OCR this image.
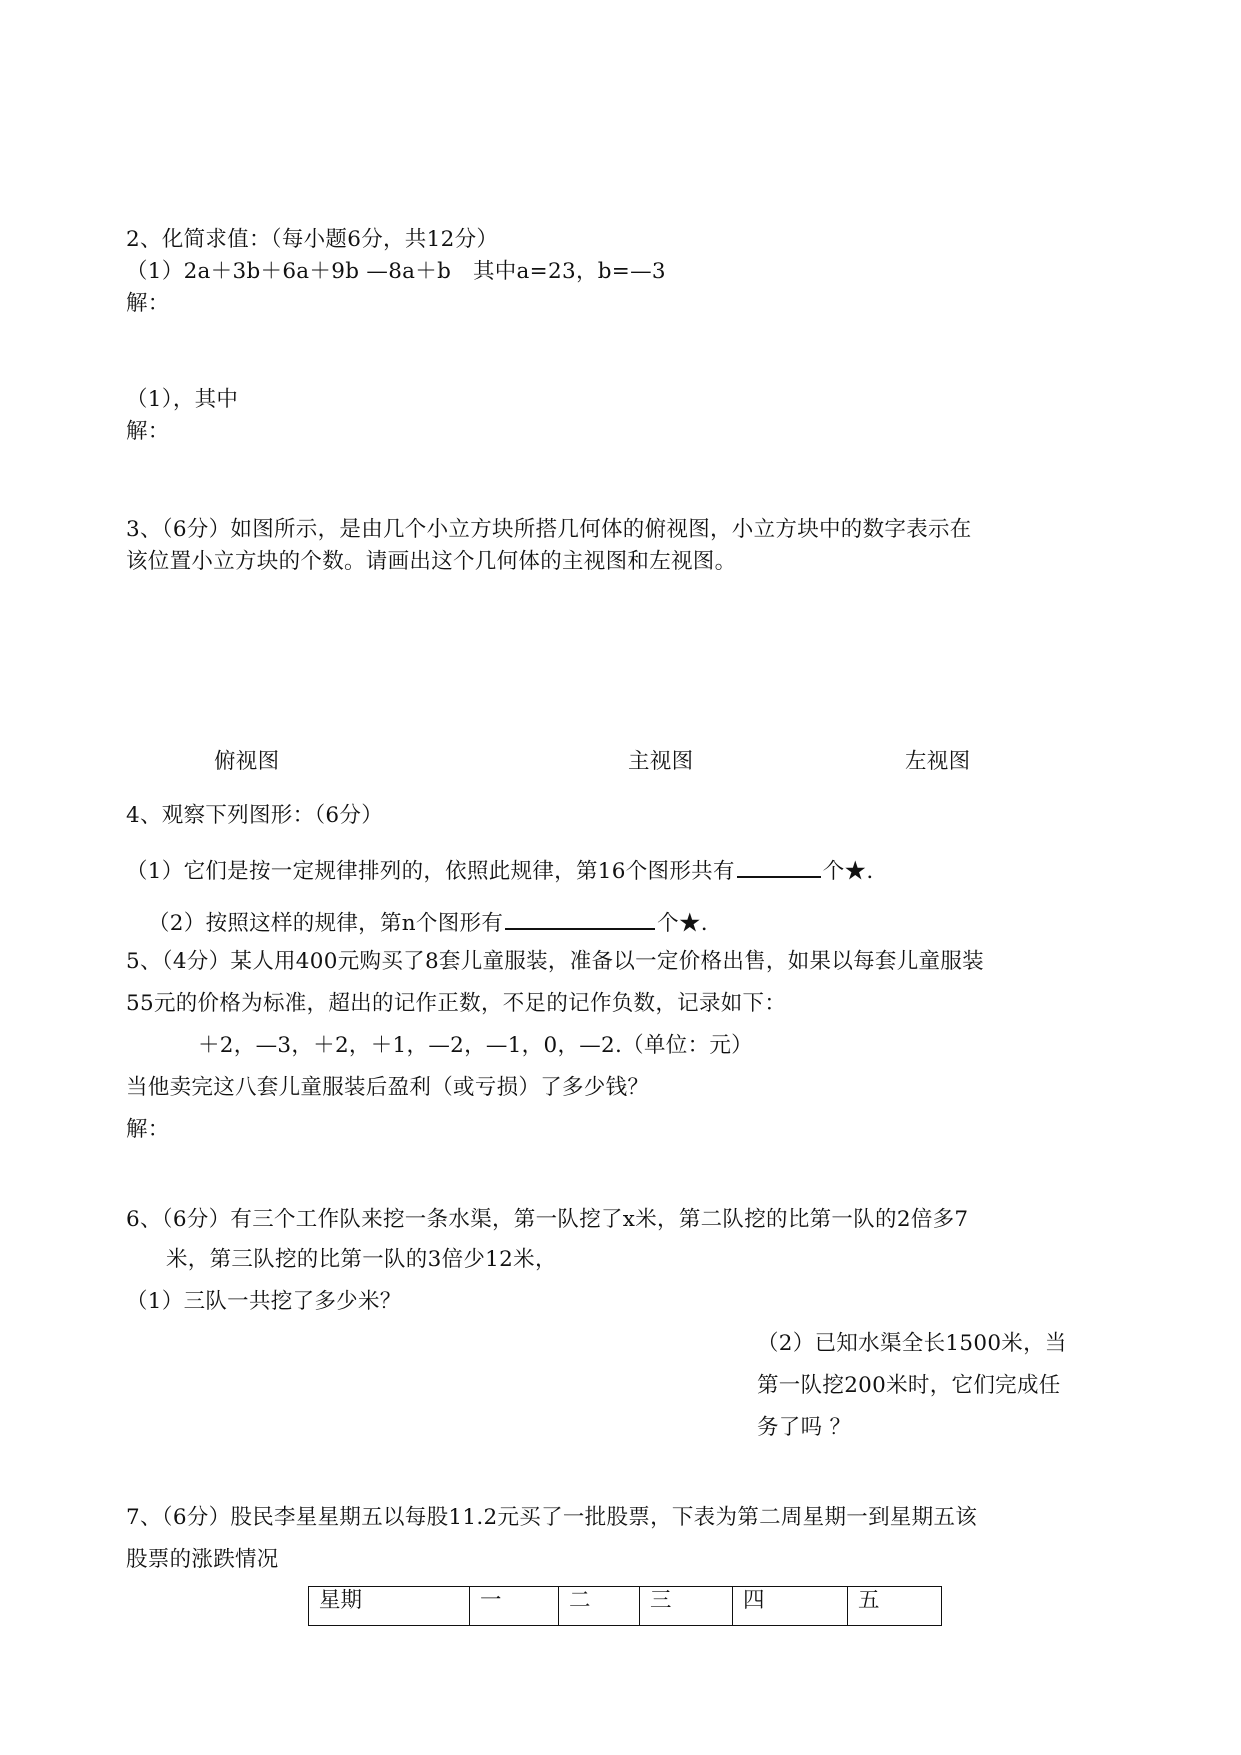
2、化简求值：（每小题6分，共12分）
（1）2a＋3b＋6a＋9b —8a＋b　其中a=23，b=—3
解：
（1），其中
解：
3、（6分）如图所示，是由几个小立方块所搭几何体的俯视图，小立方块中的数字表示在
该位置小立方块的个数。请画出这个几何体的主视图和左视图。
俯视图	主视图	左视图
4、观察下列图形：（6分）
（1）它们是按一定规律排列的，依照此规律，第16个图形共有	个★.
（2）按照这样的规律，第n个图形有	个★.
5、（4分）某人用400元购买了8套儿童服装，准备以一定价格出售，如果以每套儿童服装
55元的价格为标准，超出的记作正数，不足的记作负数，记录如下：
＋2，—3，＋2，＋1，—2，—1，0，—2.（单位：元）
当他卖完这八套儿童服装后盈利（或亏损）了多少钱？
解：
6、（6分）有三个工作队来挖一条水渠，第一队挖了x米，第二队挖的比第一队的2倍多7
米，第三队挖的比第一队的3倍少12米，
（1）三队一共挖了多少米？
（2）已知水渠全长1500米，当
第一队挖200米时，它们完成任
务了吗 ？
7、（6分）股民李星星期五以每股11.2元买了一批股票，下表为第二周星期一到星期五该
股票的涨跌情况
星期	一	二	三	四	五
